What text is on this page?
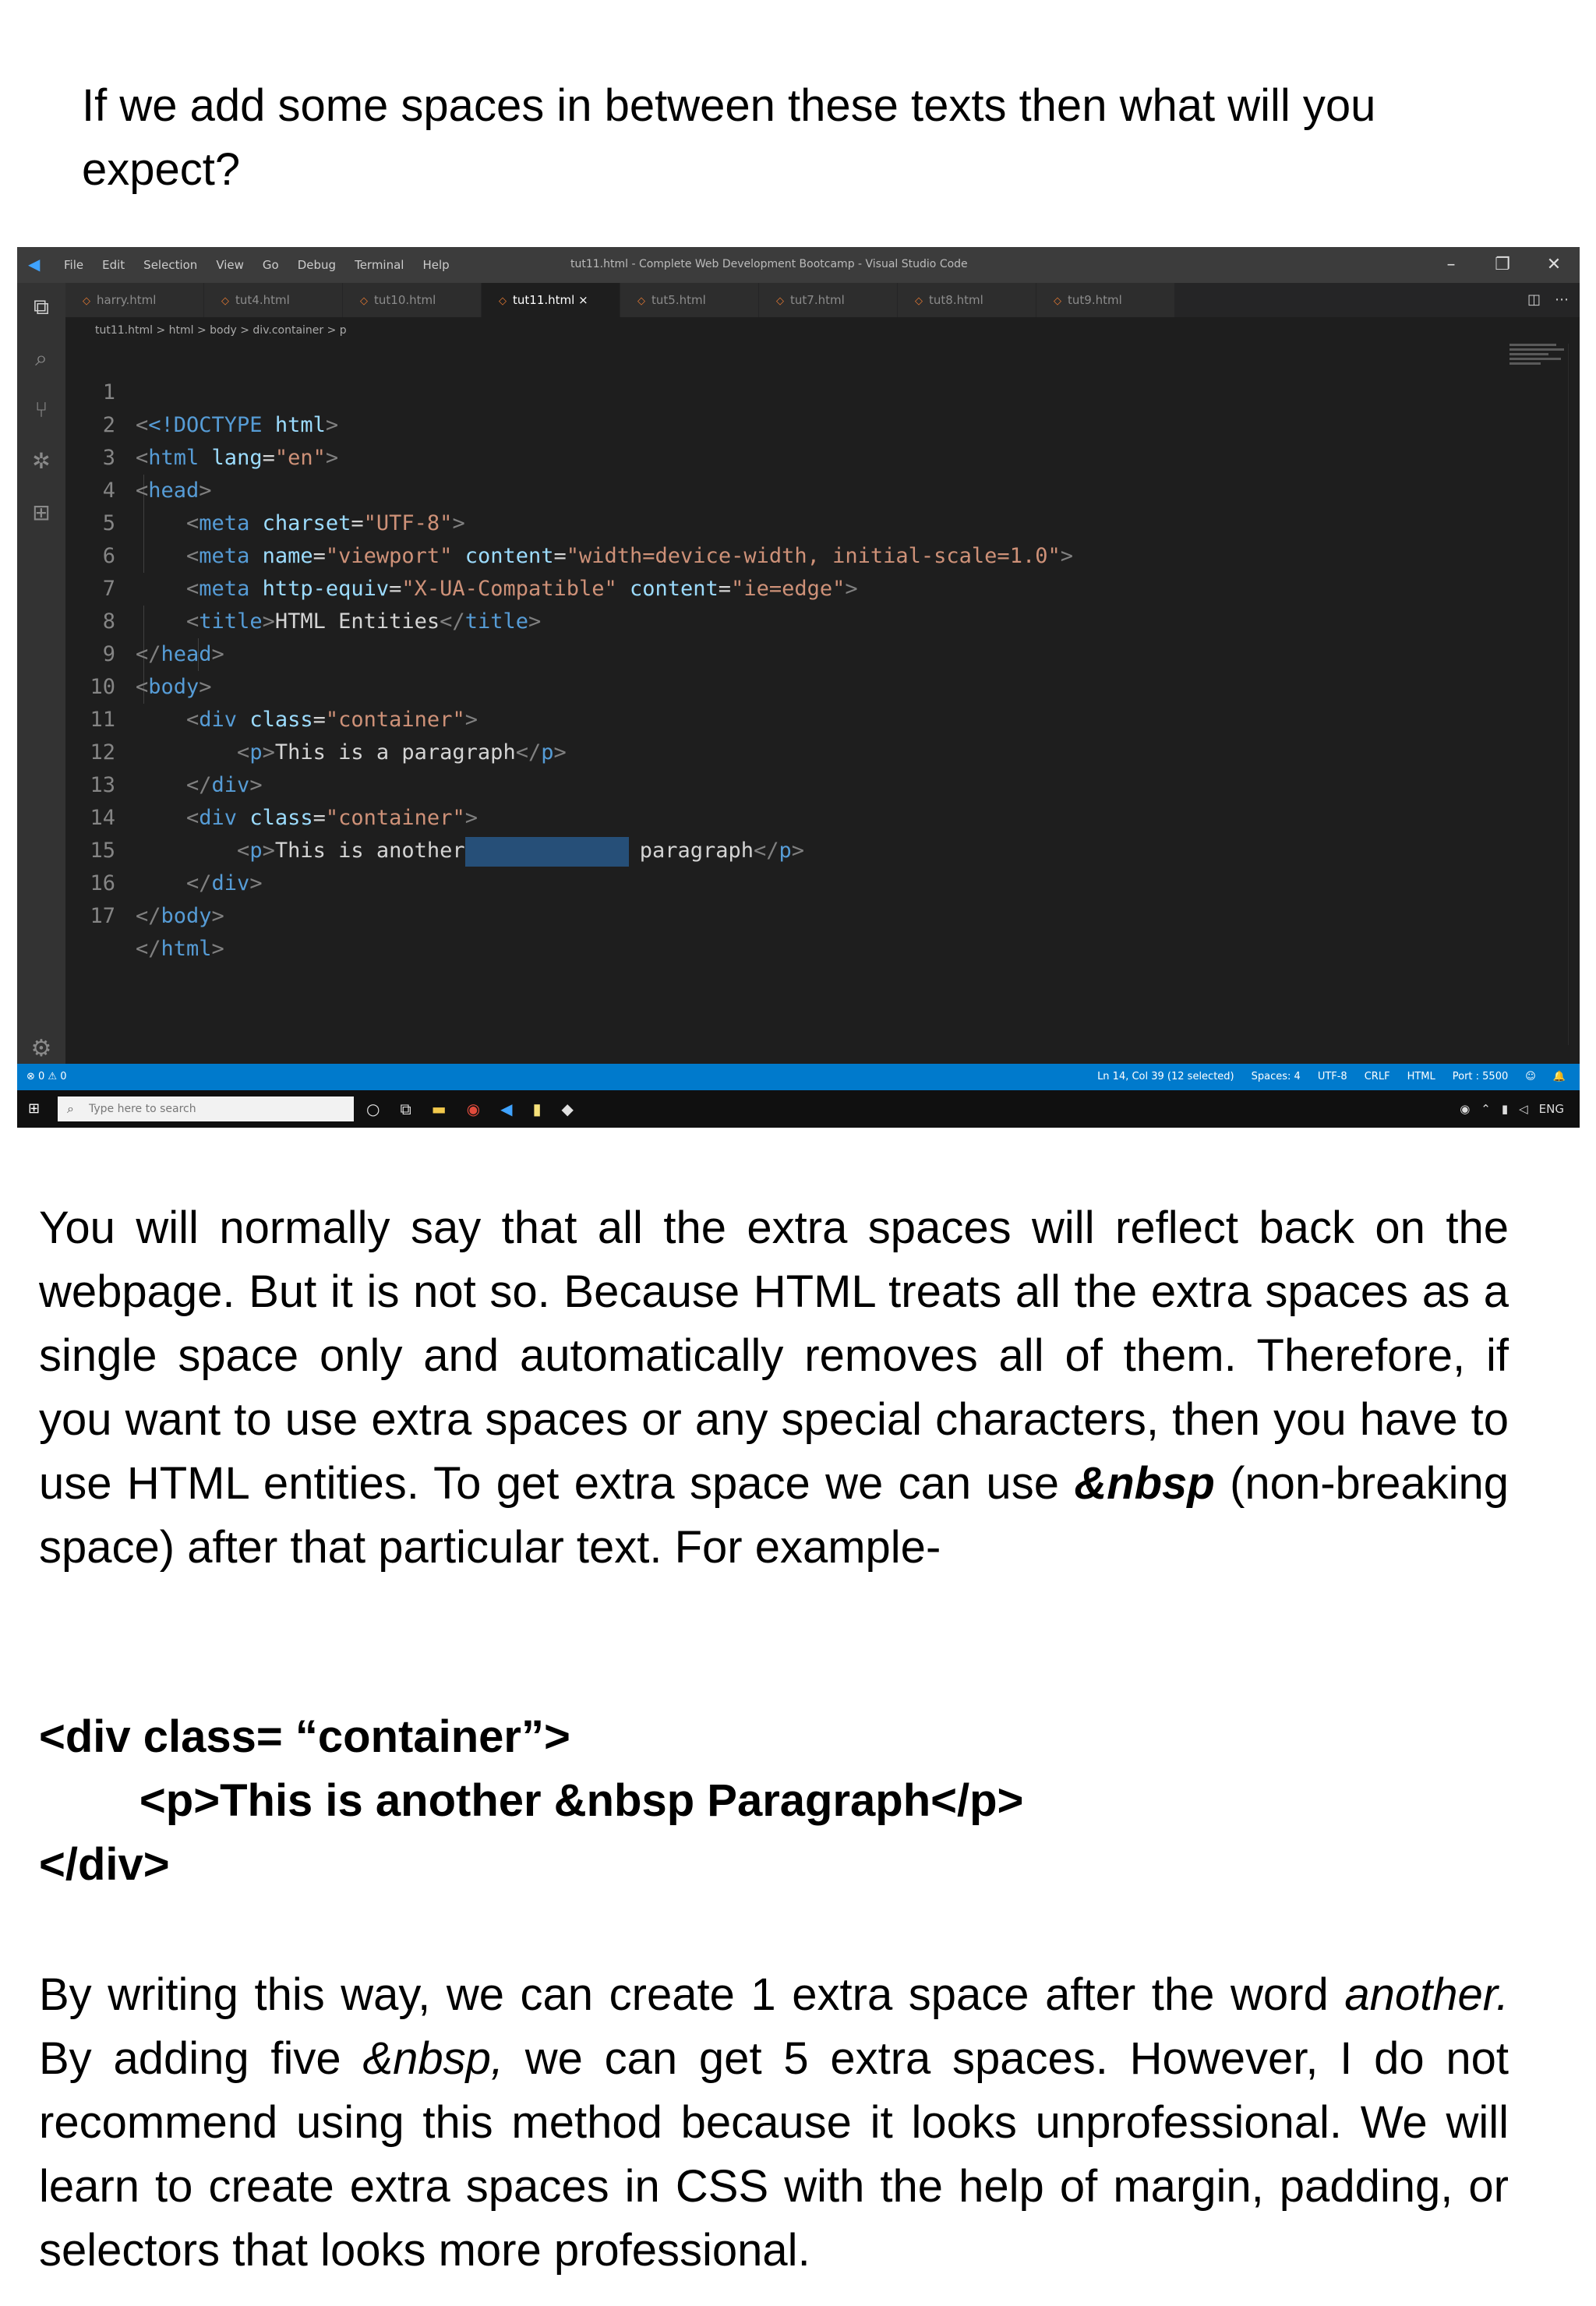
If we add some spaces in between these texts then what will you expect?
◀	File Edit Selection View Go Debug Terminal Help	tut11.html - Complete Web Development Bootcamp - Visual Studio Code	–	❐	✕
⧉
⌕
⑂
✲
⊞
⚙
◇ harry.html	◇ tut4.html	◇ tut10.html	◇ tut11.html ×	◇ tut5.html	◇ tut7.html	◇ tut8.html	◇ tut9.html	◫ ⋯
tut11.html > html > body > div.container > p

1

<<!DOCTYPE html>

2

<html lang="en">

3

<head>

4

<meta charset="UTF-8">

5

<meta name="viewport" content="width=device-width, initial-scale=1.0">

6

<meta http-equiv="X-UA-Compatible" content="ie=edge">

7

<title>HTML Entities</title>

8

</head>

9

<body>

10

<div class="container">

11

<p>This is a paragraph</p>

12

</div>

13

<div class="container">

14

<p>This is another	paragraph</p>

15

</div>

16

</body>

17

</html>

⊗ 0 ⚠ 0	Ln 14, Col 39 (12 selected) Spaces: 4 UTF-8 CRLF HTML Port : 5500 ☺ 🔔
⊞	⌕ Type here to search	○ ⧉ ▬ ◉ ◀ ▮ ◆	◉ ⌃ ▮ ◁ ENG
You will normally say that all the extra spaces will reflect back on the webpage. But it is not so. Because HTML treats all the extra spaces as a single space only and automatically removes all of them. Therefore, if you want to use extra spaces or any special characters, then you have to use HTML entities. To get extra space we can use &nbsp (non-breaking space) after that particular text. For example-
<div class= “container”>
<p>This is another &nbsp Paragraph</p>
</div>
By writing this way, we can create 1 extra space after the word another. By adding five &nbsp, we can get 5 extra spaces. However, I do not recommend using this method because it looks unprofessional. We will learn to create extra spaces in CSS with the help of margin, padding, or selectors that looks more professional.
